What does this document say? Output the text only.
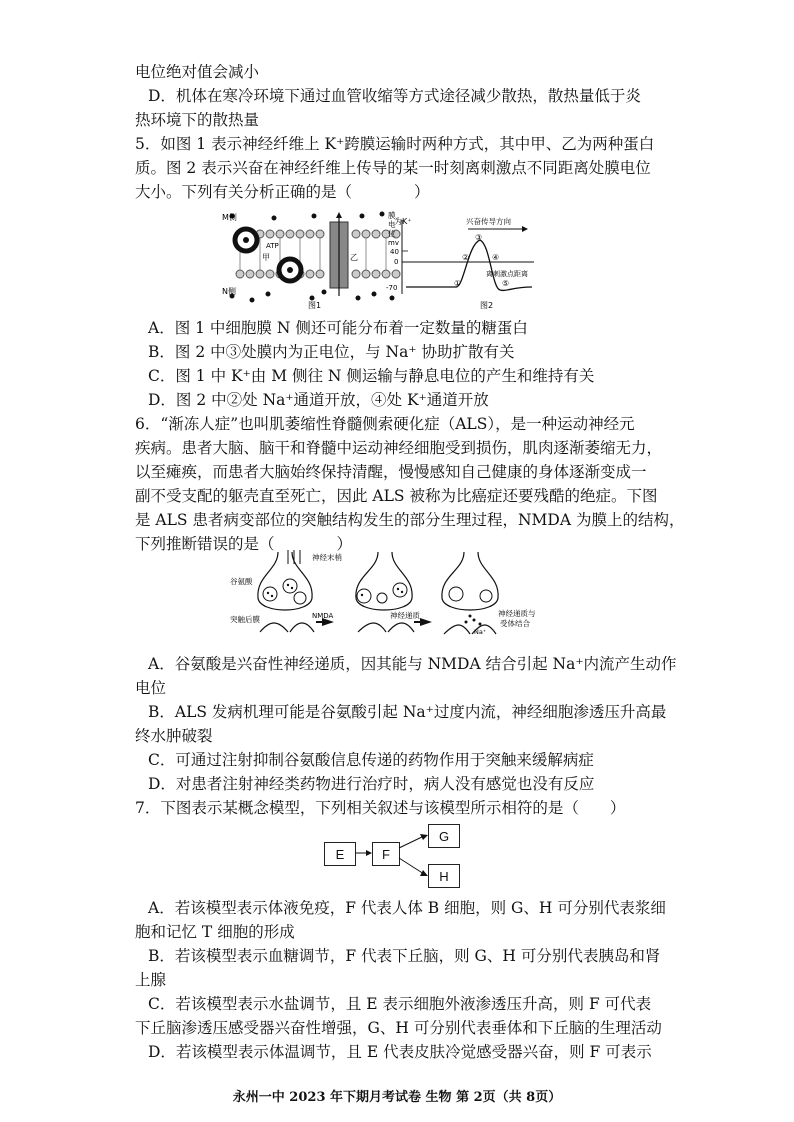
电位绝对值会减小
D．机体在寒冷环境下通过血管收缩等方式途径减少散热，散热量低于炎
热环境下的散热量
5．如图 1 表示神经纤维上 K⁺跨膜运输时两种方式，其中甲、乙为两种蛋白
质。图 2 表示兴奋在神经纤维上传导的某一时刻离刺激点不同距离处膜电位
大小。下列有关分析正确的是（　　　　）
M侧
N侧
为K⁺
ATP
甲	乙
图1
膜
电
位
mv
40
0
-70
兴奋传导方向
离刺激点距离
①
②
③
④
⑤
图2
A．图 1 中细胞膜 N 侧还可能分布着一定数量的糖蛋白
B．图 2 中③处膜内为正电位，与 Na⁺ 协助扩散有关
C．图 1 中 K⁺由 M 侧往 N 侧运输与静息电位的产生和维持有关
D．图 2 中②处 Na⁺通道开放，④处 K⁺通道开放
6．“渐冻人症”也叫肌萎缩性脊髓侧索硬化症（ALS），是一种运动神经元
疾病。患者大脑、脑干和脊髓中运动神经细胞受到损伤，肌肉逐渐萎缩无力，
以至瘫痪，而患者大脑始终保持清醒，慢慢感知自己健康的身体逐渐变成一
副不受支配的躯壳直至死亡，因此 ALS 被称为比癌症还要残酷的绝症。下图
是 ALS 患者病变部位的突触结构发生的部分生理过程，NMDA 为膜上的结构，
下列推断错误的是（　　　　）
神经末梢
谷氨酸
突触后膜	NMDA	神经递质	神经递质与
受体结合
Na⁺
A．谷氨酸是兴奋性神经递质，因其能与 NMDA 结合引起 Na⁺内流产生动作
电位
B．ALS 发病机理可能是谷氨酸引起 Na⁺过度内流，神经细胞渗透压升高最
终水肿破裂
C．可通过注射抑制谷氨酸信息传递的药物作用于突触来缓解病症
D．对患者注射神经类药物进行治疗时，病人没有感觉也没有反应
7．下图表示某概念模型，下列相关叙述与该模型所示相符的是（　　）
E	F
G
H
A．若该模型表示体液免疫，F 代表人体 B 细胞，则 G、H 可分别代表浆细
胞和记忆 T 细胞的形成
B．若该模型表示血糖调节，F 代表下丘脑，则 G、H 可分别代表胰岛和肾
上腺
C．若该模型表示水盐调节，且 E 表示细胞外液渗透压升高，则 F 可代表
下丘脑渗透压感受器兴奋性增强，G、H 可分别代表垂体和下丘脑的生理活动
D．若该模型表示体温调节，且 E 代表皮肤冷觉感受器兴奋，则 F 可表示
永州一中 2023 年下期月考试卷 生物 第 2页（共 8页）
